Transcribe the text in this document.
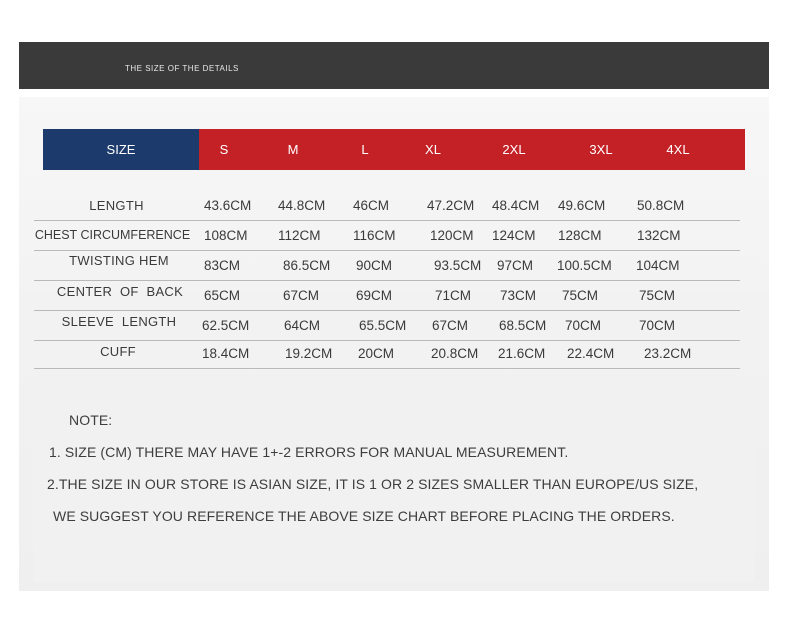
THE SIZE OF THE DETAILS
SIZE	S	M	L	XL	2XL	3XL	4XL
LENGTH	43.6CM 44.8CM 46CM	47.2CM 48.4CM 49.6CM 50.8CM
CHEST CIRCUMFERENCE	108CM 112CM 116CM	120CM 124CM 128CM	132CM
TWISTING HEM	83CM	86.5CM 90CM	93.5CM 97CM 100.5CM 104CM
CENTER  OF  BACK	65CM	67CM	69CM	71CM 73CM 75CM	75CM
SLEEVE  LENGTH	62.5CM	64CM	65.5CM 67CM 68.5CM 70CM	70CM
CUFF	18.4CM	19.2CM 20CM	20.8CM 21.6CM 22.4CM 23.2CM
NOTE:
1. SIZE (CM) THERE MAY HAVE 1+-2 ERRORS FOR MANUAL MEASUREMENT.
2.THE SIZE IN OUR STORE IS ASIAN SIZE, IT IS 1 OR 2 SIZES SMALLER THAN EUROPE/US SIZE,
WE SUGGEST YOU REFERENCE THE ABOVE SIZE CHART BEFORE PLACING THE ORDERS.
